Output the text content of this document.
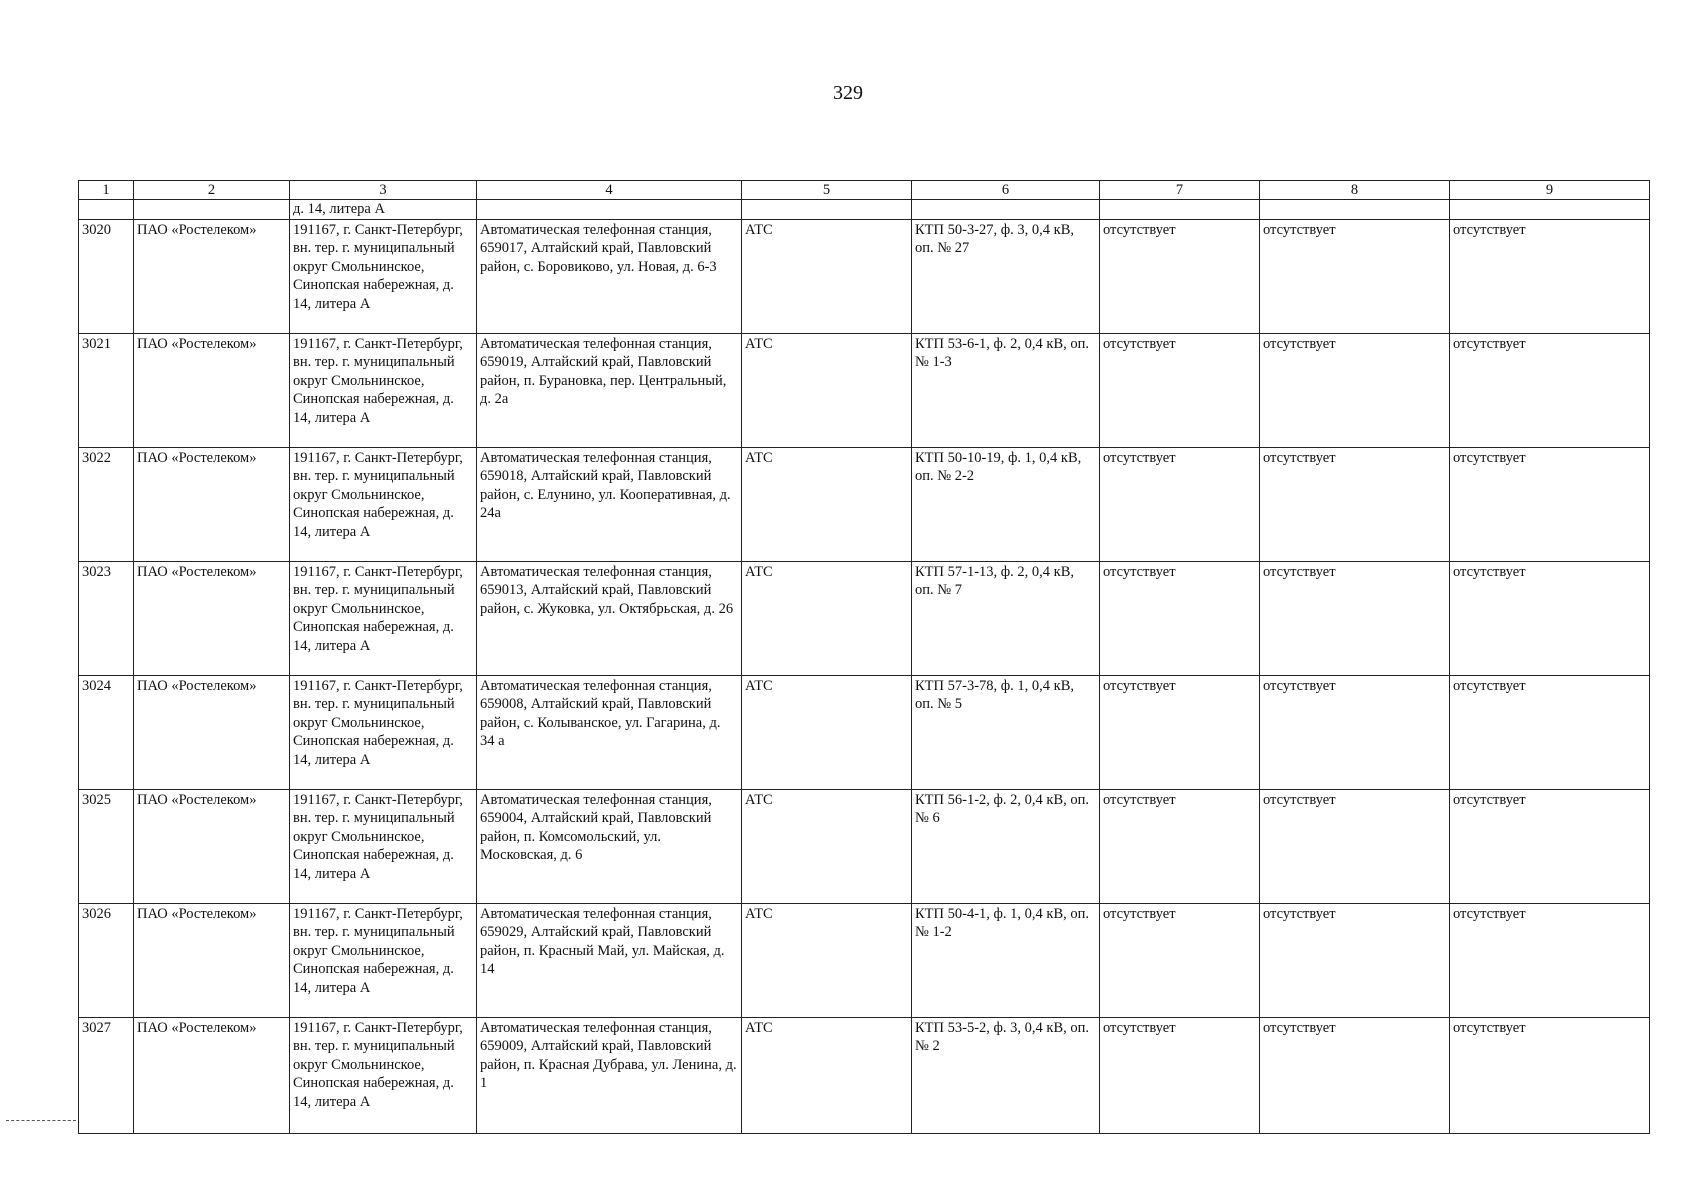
329
1	2	3	4	5	6	7	8	9
		д. 14, литера А						
3020	ПАО «Ростелеком»	191167, г. Санкт-Петербург, вн. тер. г. муниципальный округ Смольнинское, Синопская набережная, д. 14, литера А	Автоматическая телефонная станция, 659017, Алтайский край, Павловский район, с. Боровиково, ул. Новая, д. 6-3	АТС	КТП 50-3-27, ф. 3, 0,4 кВ, оп. № 27	отсутствует	отсутствует	отсутствует
3021	ПАО «Ростелеком»	191167, г. Санкт-Петербург, вн. тер. г. муниципальный округ Смольнинское, Синопская набережная, д. 14, литера А	Автоматическая телефонная станция, 659019, Алтайский край, Павловский район, п. Бурановка, пер. Центральный, д. 2а	АТС	КТП 53-6-1, ф. 2, 0,4 кВ, оп. № 1-3	отсутствует	отсутствует	отсутствует
3022	ПАО «Ростелеком»	191167, г. Санкт-Петербург, вн. тер. г. муниципальный округ Смольнинское, Синопская набережная, д. 14, литера А	Автоматическая телефонная станция, 659018, Алтайский край, Павловский район, с. Елунино, ул. Кооперативная, д. 24а	АТС	КТП 50-10-19, ф. 1, 0,4 кВ, оп. № 2-2	отсутствует	отсутствует	отсутствует
3023	ПАО «Ростелеком»	191167, г. Санкт-Петербург, вн. тер. г. муниципальный округ Смольнинское, Синопская набережная, д. 14, литера А	Автоматическая телефонная станция, 659013, Алтайский край, Павловский район, с. Жуковка, ул. Октябрьская, д. 26	АТС	КТП 57-1-13, ф. 2, 0,4 кВ, оп. № 7	отсутствует	отсутствует	отсутствует
3024	ПАО «Ростелеком»	191167, г. Санкт-Петербург, вн. тер. г. муниципальный округ Смольнинское, Синопская набережная, д. 14, литера А	Автоматическая телефонная станция, 659008, Алтайский край, Павловский район, с. Колыванское, ул. Гагарина, д. 34 а	АТС	КТП 57-3-78, ф. 1, 0,4 кВ, оп. № 5	отсутствует	отсутствует	отсутствует
3025	ПАО «Ростелеком»	191167, г. Санкт-Петербург, вн. тер. г. муниципальный округ Смольнинское, Синопская набережная, д. 14, литера А	Автоматическая телефонная станция, 659004, Алтайский край, Павловский район, п. Комсомольский, ул. Московская, д. 6	АТС	КТП 56-1-2, ф. 2, 0,4 кВ, оп. № 6	отсутствует	отсутствует	отсутствует
3026	ПАО «Ростелеком»	191167, г. Санкт-Петербург, вн. тер. г. муниципальный округ Смольнинское, Синопская набережная, д. 14, литера А	Автоматическая телефонная станция, 659029, Алтайский край, Павловский район, п. Красный Май, ул. Майская, д. 14	АТС	КТП 50-4-1, ф. 1, 0,4 кВ, оп. № 1-2	отсутствует	отсутствует	отсутствует
3027	ПАО «Ростелеком»	191167, г. Санкт-Петербург, вн. тер. г. муниципальный округ Смольнинское, Синопская набережная, д. 14, литера А	Автоматическая телефонная станция, 659009, Алтайский край, Павловский район, п. Красная Дубрава, ул. Ленина, д. 1	АТС	КТП 53-5-2, ф. 3, 0,4 кВ, оп. № 2	отсутствует	отсутствует	отсутствует
